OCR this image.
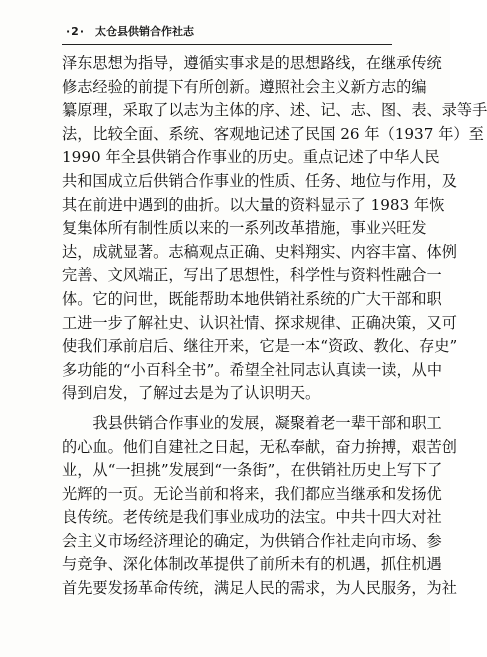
·2· 太仓县供销合作社志
泽东思想为指导，遵循实事求是的思想路线，在继承传统
修志经验的前提下有所创新。遵照社会主义新方志的编
纂原理，采取了以志为主体的序、述、记、志、图、表、录等手
法，比较全面、系统、客观地记述了民国 26 年（1937 年）至
1990 年全县供销合作事业的历史。重点记述了中华人民
共和国成立后供销合作事业的性质、任务、地位与作用，及
其在前进中遇到的曲折。以大量的资料显示了 1983 年恢
复集体所有制性质以来的一系列改革措施，事业兴旺发
达，成就显著。志稿观点正确、史料翔实、内容丰富、体例
完善、文风端正，写出了思想性，科学性与资料性融合一
体。它的问世，既能帮助本地供销社系统的广大干部和职
工进一步了解社史、认识社情、探求规律、正确决策，又可
使我们承前启后、继往开来，它是一本“资政、教化、存史”
多功能的“小百科全书”。希望全社同志认真读一读，从中
得到启发，了解过去是为了认识明天。
　　我县供销合作事业的发展，凝聚着老一辈干部和职工
的心血。他们自建社之日起，无私奉献，奋力拚搏，艰苦创
业，从“一担挑”发展到“一条街”，在供销社历史上写下了
光辉的一页。无论当前和将来，我们都应当继承和发扬优
良传统。老传统是我们事业成功的法宝。中共十四大对社
会主义市场经济理论的确定，为供销合作社走向市场、参
与竞争、深化体制改革提供了前所未有的机遇，抓住机遇
首先要发扬革命传统，满足人民的需求，为人民服务，为社
